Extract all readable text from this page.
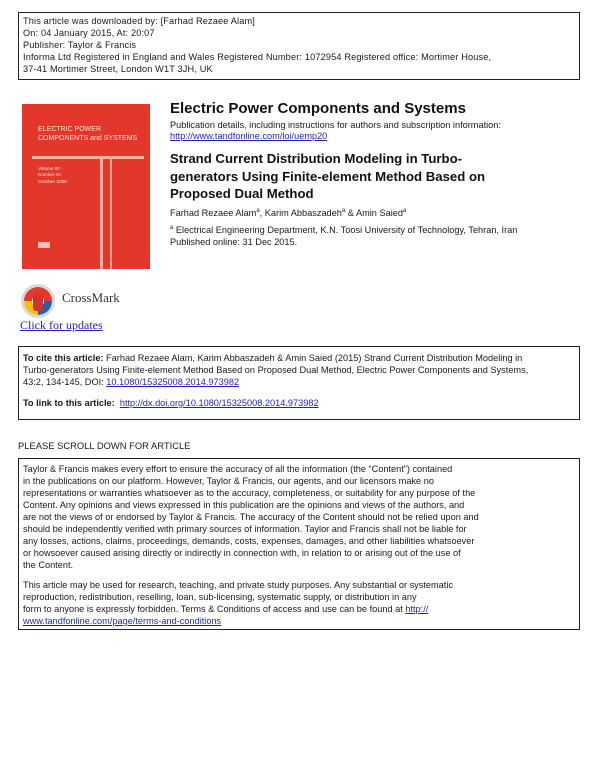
This article was downloaded by: [Farhad Rezaee Alam]
On: 04 January 2015, At: 20:07
Publisher: Taylor & Francis
Informa Ltd Registered in England and Wales Registered Number: 1072954 Registered office: Mortimer House,
37-41 Mortimer Street, London W1T 3JH, UK
ELECTRIC POWER
COMPONENTS and SYSTEMS
Volume 00
Number 00
October 2000
Electric Power Components and Systems
Publication details, including instructions for authors and subscription information:
http://www.tandfonline.com/loi/uemp20
Strand Current Distribution Modeling in Turbo-
generators Using Finite-element Method Based on
Proposed Dual Method
Farhad Rezaee Alam$^a$, Karim Abbaszadeh$^a$ & Amin Saied$^a$
$^a$ Electrical Engineering Department, K.N. Toosi University of Technology, Tehran, Iran
Published online: 31 Dec 2015.
CrossMark
Click for updates
To cite this article: Farhad Rezaee Alam, Karim Abbaszadeh & Amin Saied (2015) Strand Current Distribution Modeling in
Turbo-generators Using Finite-element Method Based on Proposed Dual Method, Electric Power Components and Systems,
43:2, 134-145, DOI: 10.1080/15325008.2014.973982
To link to this article: http://dx.doi.org/10.1080/15325008.2014.973982
PLEASE SCROLL DOWN FOR ARTICLE
Taylor & Francis makes every effort to ensure the accuracy of all the information (the “Content”) contained
in the publications on our platform. However, Taylor & Francis, our agents, and our licensors make no
representations or warranties whatsoever as to the accuracy, completeness, or suitability for any purpose of the
Content. Any opinions and views expressed in this publication are the opinions and views of the authors, and
are not the views of or endorsed by Taylor & Francis. The accuracy of the Content should not be relied upon and
should be independently verified with primary sources of information. Taylor and Francis shall not be liable for
any losses, actions, claims, proceedings, demands, costs, expenses, damages, and other liabilities whatsoever
or howsoever caused arising directly or indirectly in connection with, in relation to or arising out of the use of
the Content.
This article may be used for research, teaching, and private study purposes. Any substantial or systematic
reproduction, redistribution, reselling, loan, sub-licensing, systematic supply, or distribution in any
form to anyone is expressly forbidden. Terms & Conditions of access and use can be found at http://
www.tandfonline.com/page/terms-and-conditions
